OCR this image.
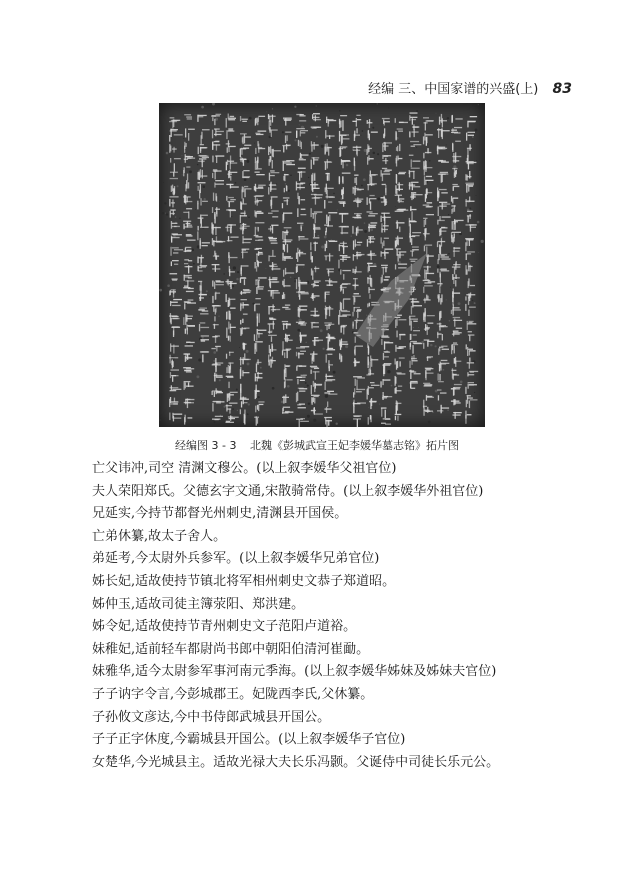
经编 三、中国家谱的兴盛(上) 83
经编图 3 - 3 北魏《彭城武宣王妃李媛华墓志铭》拓片图
亡父讳冲,司空 清渊文穆公。(以上叙李媛华父祖官位)
夫人荣阳郑氏。父德玄字文通,宋散骑常侍。(以上叙李媛华外祖官位)
兄延实,今持节都督光州刺史,清渊县开国侯。
亡弟休纂,故太子舍人。
弟延考,今太尉外兵参军。(以上叙李媛华兄弟官位)
姊长妃,适故使持节镇北将军相州刺史文恭子郑道昭。
姊仲玉,适故司徒主簿荥阳、郑洪建。
姊令妃,适故使持节青州刺史文子范阳卢道裕。
妹稚妃,适前轻车都尉尚书郎中朝阳伯清河崔勔。
妹雅华,适今太尉参军事河南元季海。(以上叙李媛华姊妹及姊妹夫官位)
子子讷字令言,今彭城郡王。妃陇西李氏,父休纂。
子孙攸文彦达,今中书侍郎武城县开国公。
子子正字休度,今霸城县开国公。(以上叙李媛华子官位)
女楚华,今光城县主。适故光禄大夫长乐冯颢。父诞侍中司徒长乐元公。
